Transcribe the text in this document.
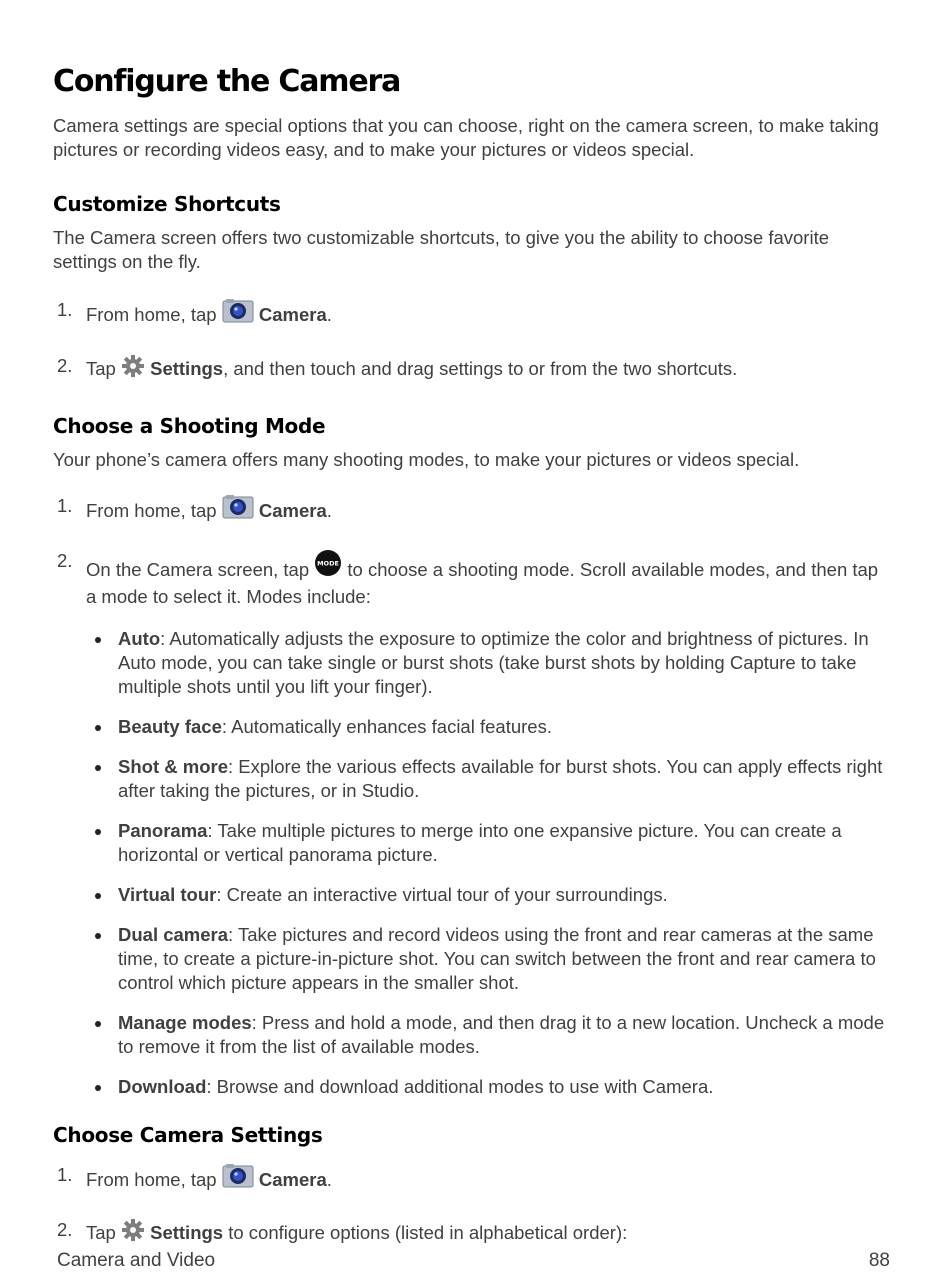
Configure the Camera

Camera settings are special options that you can choose, right on the camera screen, to make taking pictures or recording videos easy, and to make your pictures or videos special.

Customize Shortcuts

The Camera screen offers two customizable shortcuts, to give you the ability to choose favorite settings on the fly.

1. From home, tap  Camera.
2. Tap  Settings, and then touch and drag settings to or from the two shortcuts.
Choose a Shooting Mode

Your phone’s camera offers many shooting modes, to make your pictures or videos special.

1. From home, tap  Camera.
2. On the Camera screen, tap MODE to choose a shooting mode. Scroll available modes, and then tap a mode to select it. Modes include:
Auto: Automatically adjusts the exposure to optimize the color and brightness of pictures. In Auto mode, you can take single or burst shots (take burst shots by holding Capture to take multiple shots until you lift your finger).
Beauty face: Automatically enhances facial features.
Shot & more: Explore the various effects available for burst shots. You can apply effects right after taking the pictures, or in Studio.
Panorama: Take multiple pictures to merge into one expansive picture. You can create a horizontal or vertical panorama picture.
Virtual tour: Create an interactive virtual tour of your surroundings.
Dual camera: Take pictures and record videos using the front and rear cameras at the same time, to create a picture-in-picture shot. You can switch between the front and rear camera to control which picture appears in the smaller shot.
Manage modes: Press and hold a mode, and then drag it to a new location. Uncheck a mode to remove it from the list of available modes.
Download: Browse and download additional modes to use with Camera.
Choose Camera Settings
1. From home, tap  Camera.
2. Tap  Settings to configure options (listed in alphabetical order):
Camera and Video	88
